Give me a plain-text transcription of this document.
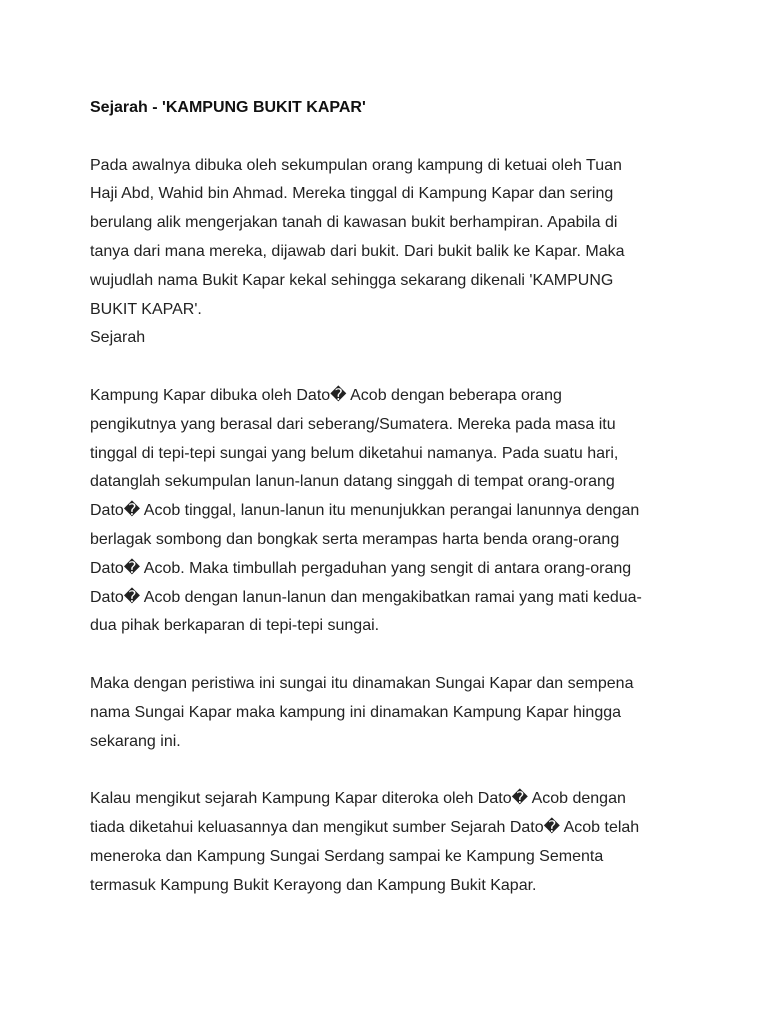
Sejarah - 'KAMPUNG BUKIT KAPAR'

Pada awalnya dibuka oleh sekumpulan orang kampung di ketuai oleh Tuan
Haji Abd, Wahid bin Ahmad. Mereka tinggal di Kampung Kapar dan sering
berulang alik mengerjakan tanah di kawasan bukit berhampiran. Apabila di
tanya dari mana mereka, dijawab dari bukit. Dari bukit balik ke Kapar. Maka
wujudlah nama Bukit Kapar kekal sehingga sekarang dikenali 'KAMPUNG
BUKIT KAPAR'.
Sejarah

Kampung Kapar dibuka oleh Dato� Acob dengan beberapa orang
pengikutnya yang berasal dari seberang/Sumatera. Mereka pada masa itu
tinggal di tepi-tepi sungai yang belum diketahui namanya. Pada suatu hari,
datanglah sekumpulan lanun-lanun datang singgah di tempat orang-orang
Dato� Acob tinggal, lanun-lanun itu menunjukkan perangai lanunnya dengan
berlagak sombong dan bongkak serta merampas harta benda orang-orang
Dato� Acob. Maka timbullah pergaduhan yang sengit di antara orang-orang
Dato� Acob dengan lanun-lanun dan mengakibatkan ramai yang mati kedua-
dua pihak berkaparan di tepi-tepi sungai.

Maka dengan peristiwa ini sungai itu dinamakan Sungai Kapar dan sempena
nama Sungai Kapar maka kampung ini dinamakan Kampung Kapar hingga
sekarang ini.

Kalau mengikut sejarah Kampung Kapar diteroka oleh Dato� Acob dengan
tiada diketahui keluasannya dan mengikut sumber Sejarah Dato� Acob telah
meneroka dan Kampung Sungai Serdang sampai ke Kampung Sementa
termasuk Kampung Bukit Kerayong dan Kampung Bukit Kapar.
